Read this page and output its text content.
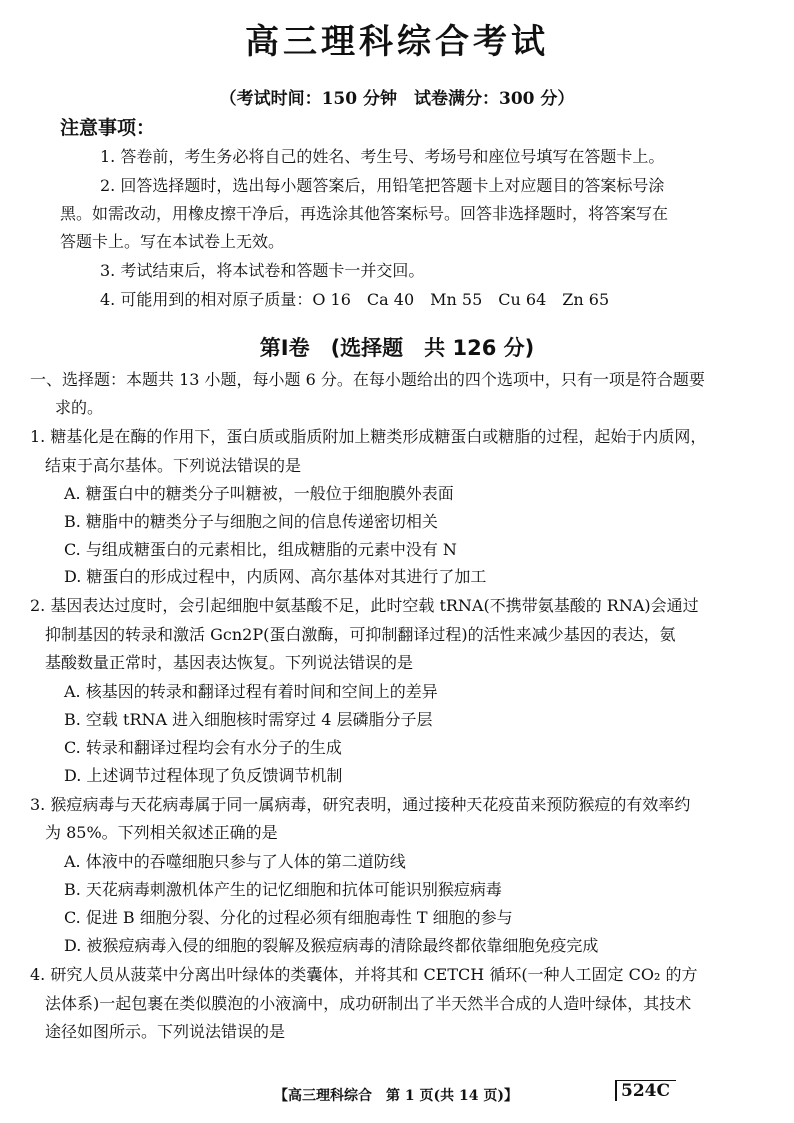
高三理科综合考试
（考试时间：150 分钟　试卷满分：300 分）
注意事项：
1. 答卷前，考生务必将自己的姓名、考生号、考场号和座位号填写在答题卡上。
2. 回答选择题时，选出每小题答案后，用铅笔把答题卡上对应题目的答案标号涂
黑。如需改动，用橡皮擦干净后，再选涂其他答案标号。回答非选择题时，将答案写在
答题卡上。写在本试卷上无效。
3. 考试结束后，将本试卷和答题卡一并交回。
4. 可能用到的相对原子质量：O 16　Ca 40　Mn 55　Cu 64　Zn 65
第Ⅰ卷　(选择题　共 126 分)
一、选择题：本题共 13 小题，每小题 6 分。在每小题给出的四个选项中，只有一项是符合题要
求的。
1. 糖基化是在酶的作用下，蛋白质或脂质附加上糖类形成糖蛋白或糖脂的过程，起始于内质网，
结束于高尔基体。下列说法错误的是
A. 糖蛋白中的糖类分子叫糖被，一般位于细胞膜外表面
B. 糖脂中的糖类分子与细胞之间的信息传递密切相关
C. 与组成糖蛋白的元素相比，组成糖脂的元素中没有 N
D. 糖蛋白的形成过程中，内质网、高尔基体对其进行了加工
2. 基因表达过度时，会引起细胞中氨基酸不足，此时空载 tRNA(不携带氨基酸的 RNA)会通过
抑制基因的转录和激活 Gcn2P(蛋白激酶，可抑制翻译过程)的活性来减少基因的表达，氨
基酸数量正常时，基因表达恢复。下列说法错误的是
A. 核基因的转录和翻译过程有着时间和空间上的差异
B. 空载 tRNA 进入细胞核时需穿过 4 层磷脂分子层
C. 转录和翻译过程均会有水分子的生成
D. 上述调节过程体现了负反馈调节机制
3. 猴痘病毒与天花病毒属于同一属病毒，研究表明，通过接种天花疫苗来预防猴痘的有效率约
为 85%。下列相关叙述正确的是
A. 体液中的吞噬细胞只参与了人体的第二道防线
B. 天花病毒刺激机体产生的记忆细胞和抗体可能识别猴痘病毒
C. 促进 B 细胞分裂、分化的过程必须有细胞毒性 T 细胞的参与
D. 被猴痘病毒入侵的细胞的裂解及猴痘病毒的清除最终都依靠细胞免疫完成
4. 研究人员从菠菜中分离出叶绿体的类囊体，并将其和 CETCH 循环(一种人工固定 CO₂ 的方
法体系)一起包裹在类似膜泡的小液滴中，成功研制出了半天然半合成的人造叶绿体，其技术
途径如图所示。下列说法错误的是
【高三理科综合　第 1 页(共 14 页)】	524C
